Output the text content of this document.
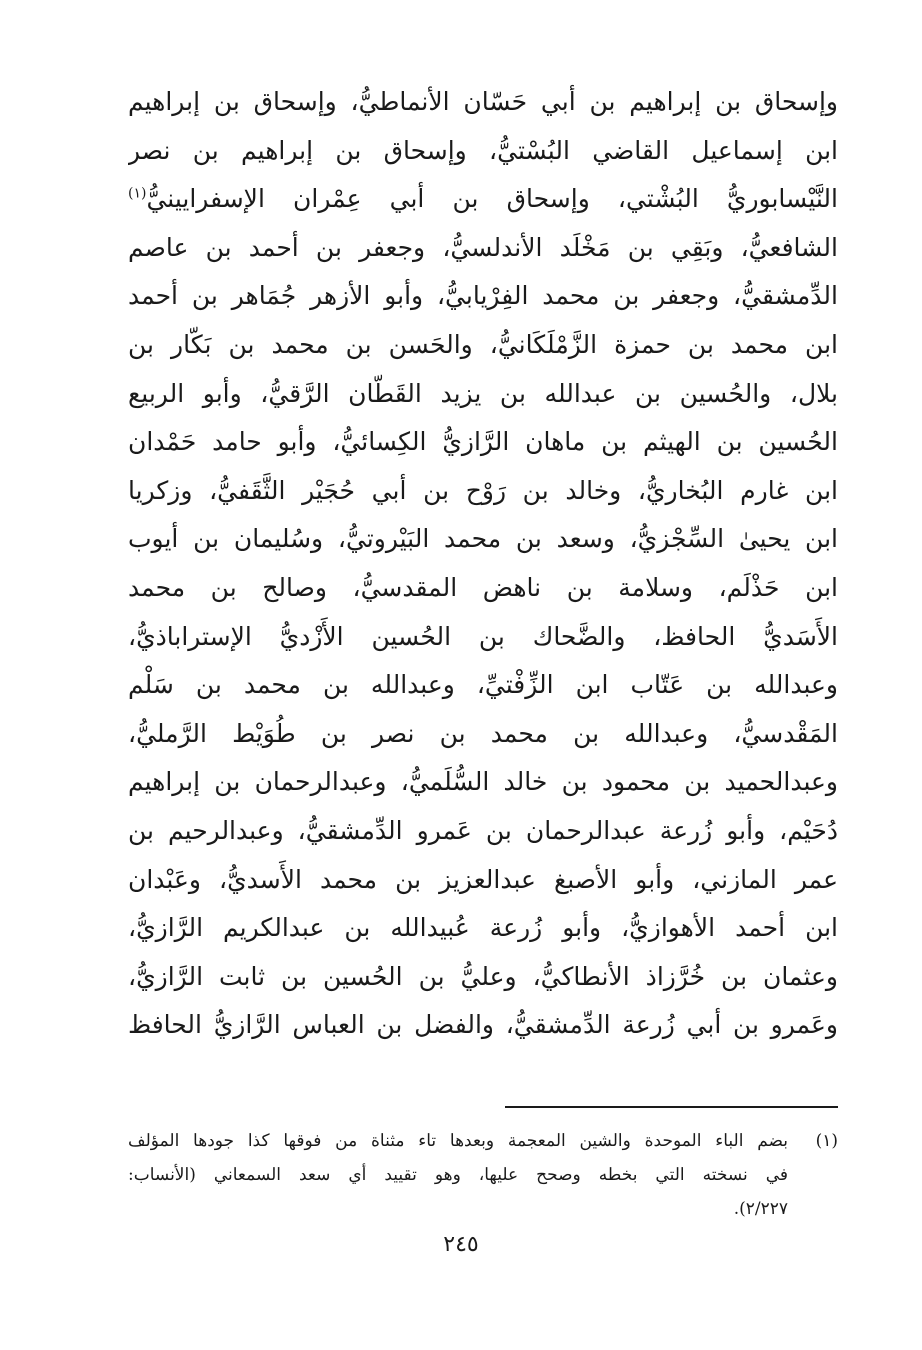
وإسحاق بن إبراهيم بن أبي حَسّان الأنماطيُّ، وإسحاق بن إبراهيم
ابن إسماعيل القاضي البُسْتيُّ، وإسحاق بن إبراهيم بن نصر
النَّيْسابوريُّ البُشْتي، وإسحاق بن أبي عِمْران الإسفرايينيُّ$^{(١)}$
الشافعيُّ، وبَقِي بن مَخْلَد الأندلسيُّ، وجعفر بن أحمد بن عاصم
الدِّمشقيُّ، وجعفر بن محمد الفِرْيابيُّ، وأبو الأزهر جُمَاهر بن أحمد
ابن محمد بن حمزة الزَّمْلَكَانيُّ، والحَسن بن محمد بن بَكّار بن
بلال، والحُسين بن عبدالله بن يزيد القَطّان الرَّقيُّ، وأبو الربيع
الحُسين بن الهيثم بن ماهان الرَّازيُّ الكِسائيُّ، وأبو حامد حَمْدان
ابن غارم البُخاريُّ، وخالد بن رَوْح بن أبي حُجَيْر الثَّقَفيُّ، وزكريا
ابن يحيىٰ السِّجْزيُّ، وسعد بن محمد البَيْروتيُّ، وسُليمان بن أيوب
ابن حَذْلَم، وسلامة بن ناهض المقدسيُّ، وصالح بن محمد
الأَسَديُّ الحافظ، والضَّحاك بن الحُسين الأَزْديُّ الإستراباذيُّ،
وعبدالله بن عَتّاب ابن الزِّفْتيِّ، وعبدالله بن محمد بن سَلْم
المَقْدسيُّ، وعبدالله بن محمد بن نصر بن طُوَيْط الرَّمليُّ،
وعبدالحميد بن محمود بن خالد السُّلَميُّ، وعبدالرحمان بن إبراهيم
دُحَيْم، وأبو زُرعة عبدالرحمان بن عَمرو الدِّمشقيُّ، وعبدالرحيم بن
عمر المازني، وأبو الأصبغ عبدالعزيز بن محمد الأَسديُّ، وعَبْدان
ابن أحمد الأهوازيُّ، وأبو زُرعة عُبيدالله بن عبدالكريم الرَّازيُّ،
وعثمان بن خُرَّزاذ الأنطاكيُّ، وعليُّ بن الحُسين بن ثابت الرَّازيُّ،
وعَمرو بن أبي زُرعة الدِّمشقيُّ، والفضل بن العباس الرَّازيُّ الحافظ
(١)
بضم الباء الموحدة والشين المعجمة وبعدها تاء مثناة من فوقها كذا جودها المؤلف
في نسخته التي بخطه وصحح عليها، وهو تقييد أي سعد السمعاني (الأنساب:
٢/٢٢٧).
٢٤٥
